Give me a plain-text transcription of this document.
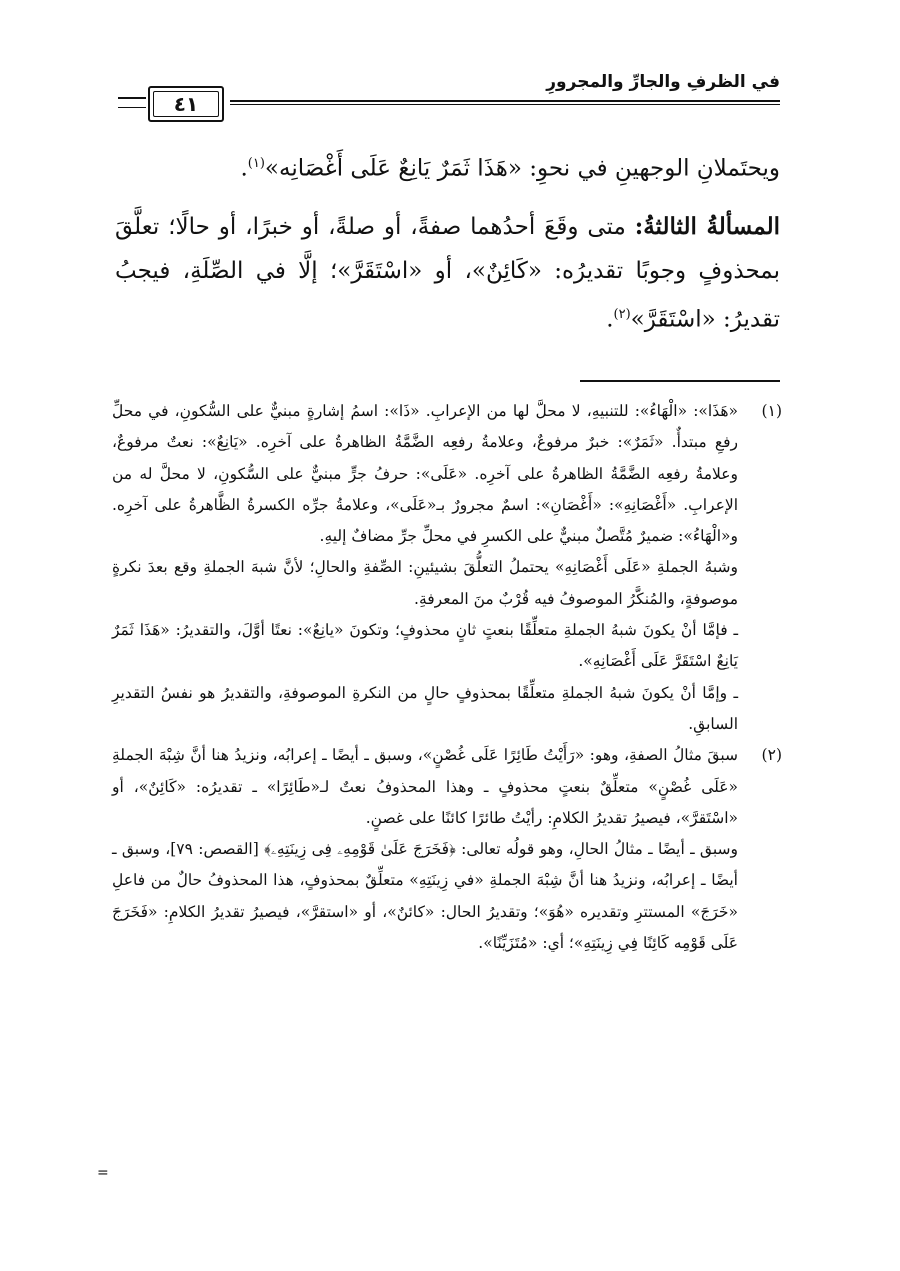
في الظرفِ والجارِّ والمجرورِ
٤١

ويحتَملانِ الوجهينِ في نحوِ: «هَذَا ثَمَرٌ يَانِعٌ عَلَى أَغْصَانِه»$^{(١)}$.

المسألةُ الثالثةُ: متى وقَعَ أحدُهما صفةً، أو صلةً، أو خبرًا، أو حالًا؛ تعلَّقَ بمحذوفٍ وجوبًا تقديرُه: «كَائِنٌ»، أو «اسْتَقَرَّ»؛ إلَّا في الصِّلَةِ، فيجبُ تقديرُ: «اسْتَقَرَّ»$^{(٢)}$.

(١)

«هَذَا»: «الْهَاءُ»: للتنبيهِ، لا محلَّ لها من الإعرابِ. «ذَا»: اسمُ إشارةٍ مبنيٌّ على السُّكونِ، في محلِّ رفعِ مبتدأٌ. «ثَمَرٌ»: خبرٌ مرفوعٌ، وعلامةُ رفعِه الضَّمَّةُ الظاهرةُ على آخرِه. «يَانِعٌ»: نعتٌ مرفوعٌ، وعلامةُ رفعِه الضَّمَّةُ الظاهرةُ على آخرِه. «عَلَى»: حرفُ جرٍّ مبنيٌّ على السُّكونِ، لا محلَّ له من الإعرابِ. «أَغْصَانِهِ»: «أَغْصَانِ»: اسمٌ مجرورٌ بـ«عَلَى»، وعلامةُ جرِّه الكسرةُ الظَّاهرةُ على آخرِه. و«الْهَاءُ»: ضميرٌ مُتَّصلٌ مبنيٌّ على الكسرِ في محلِّ جرِّ مضافٌ إليهِ.

وشبهُ الجملةِ «عَلَى أَغْصَانِهِ» يحتملُ التعلُّقَ بشيئينِ: الصِّفةِ والحالِ؛ لأنَّ شبهَ الجملةِ وقع بعدَ نكرةٍ موصوفةٍ، والمُنكَّرُ الموصوفُ فيه قُرْبٌ منَ المعرفةِ.

ـ فإمَّا أنْ يكونَ شبهُ الجملةِ متعلِّقًا بنعتٍ ثانٍ محذوفٍ؛ وتكونَ «يانِعٌ»: نعتًا أوَّلَ، والتقديرُ: «هَذَا ثَمَرٌ يَانِعٌ اسْتَقَرَّ عَلَى أَغْصَانِهِ».

ـ وإمَّا أنْ يكونَ شبهُ الجملةِ متعلِّقًا بمحذوفٍ حالٍ من النكرةِ الموصوفةِ، والتقديرُ هو نفسُ التقديرِ السابقِ.

(٢)

سبقَ مثالُ الصفةِ، وهو: «رَأَيْتُ طَائِرًا عَلَى غُصْنٍ»، وسبق ـ أيضًا ـ إعرابُه، ونزيدُ هنا أنَّ شِبْهَ الجملةِ «عَلَى غُصْنٍ» متعلِّقٌ بنعتٍ محذوفٍ ـ وهذا المحذوفُ نعتٌ لـ«طَائِرًا» ـ تقديرُه: «كَائِنٌ»، أو «اسْتَقرَّ»، فيصيرُ تقديرُ الكلامِ: رأيْتُ طائرًا كائنًا على غصنٍ.

وسبق ـ أيضًا ـ مثالُ الحالِ، وهو قولُه تعالى: ﴿فَخَرَجَ عَلَىٰ قَوْمِهِۦ فِى زِينَتِهِۦ﴾ [القصص: ٧٩]، وسبق ـ أيضًا ـ إعرابُه، ونزيدُ هنا أنَّ شِبْهَ الجملةِ «في زِينَتِهِ» متعلِّقٌ بمحذوفٍ، هذا المحذوفُ حالٌ من فاعلِ «خَرَجَ» المستترِ وتقديره «هُوَ»؛ وتقديرُ الحال: «كائنٌ»، أو «استقرَّ»، فيصيرُ تقديرُ الكلامِ: «فَخَرَجَ عَلَى قَوْمِه كَائِنًا فِي زِينَتِهِ»؛ أي: «مُتَزَيِّنًا».

=
